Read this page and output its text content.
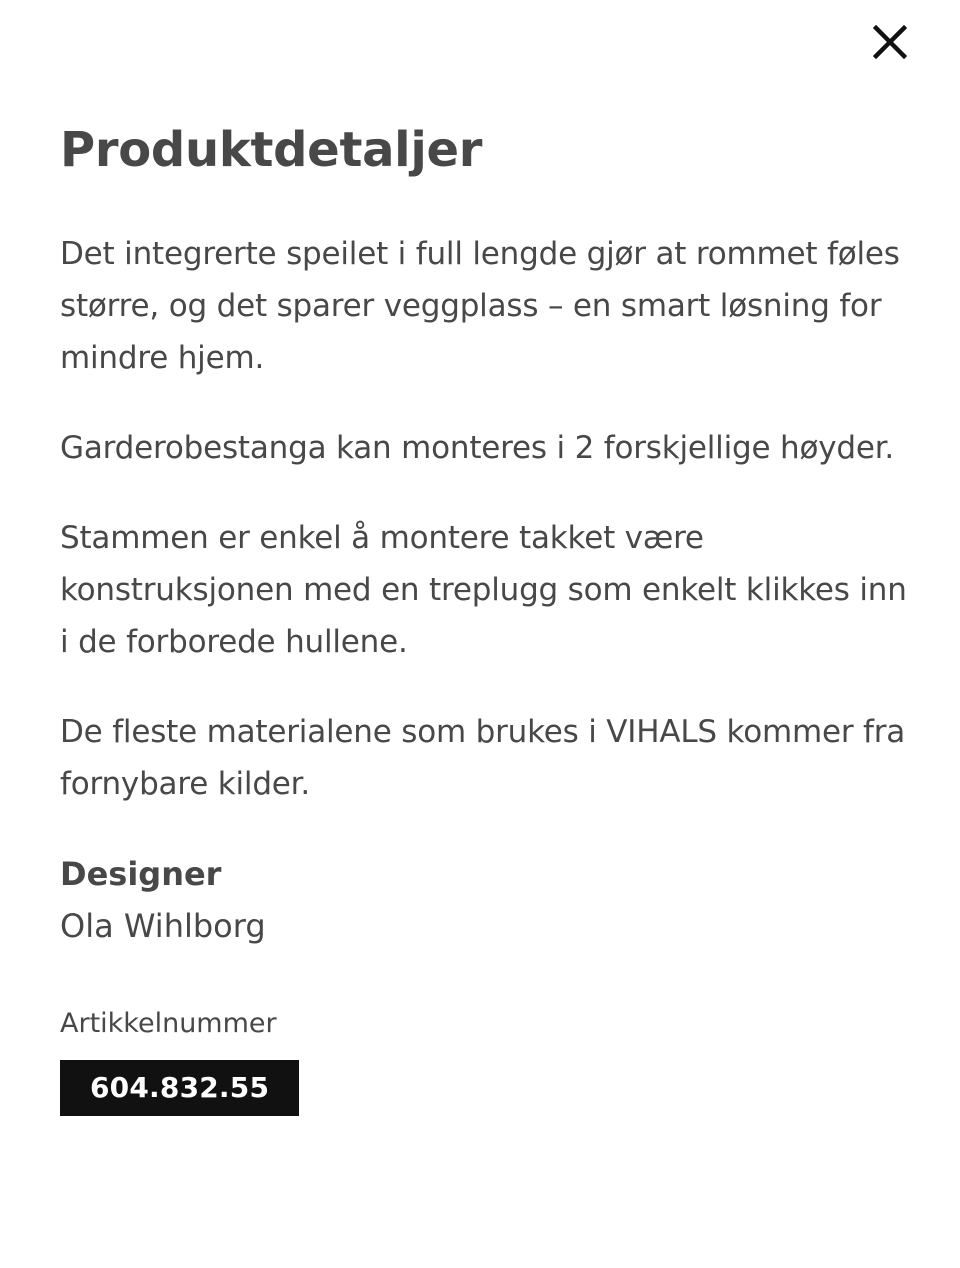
Produktdetaljer

Det integrerte speilet i full lengde gjør at rommet føles større, og det sparer veggplass – en smart løsning for mindre hjem.

Garderobestanga kan monteres i 2 forskjellige høyder.

Stammen er enkel å montere takket være konstruksjonen med en treplugg som enkelt klikkes inn i de forborede hullene.

De fleste materialene som brukes i VIHALS kommer fra fornybare kilder.

Designer
Ola Wihlborg
Artikkelnummer
604.832.55
